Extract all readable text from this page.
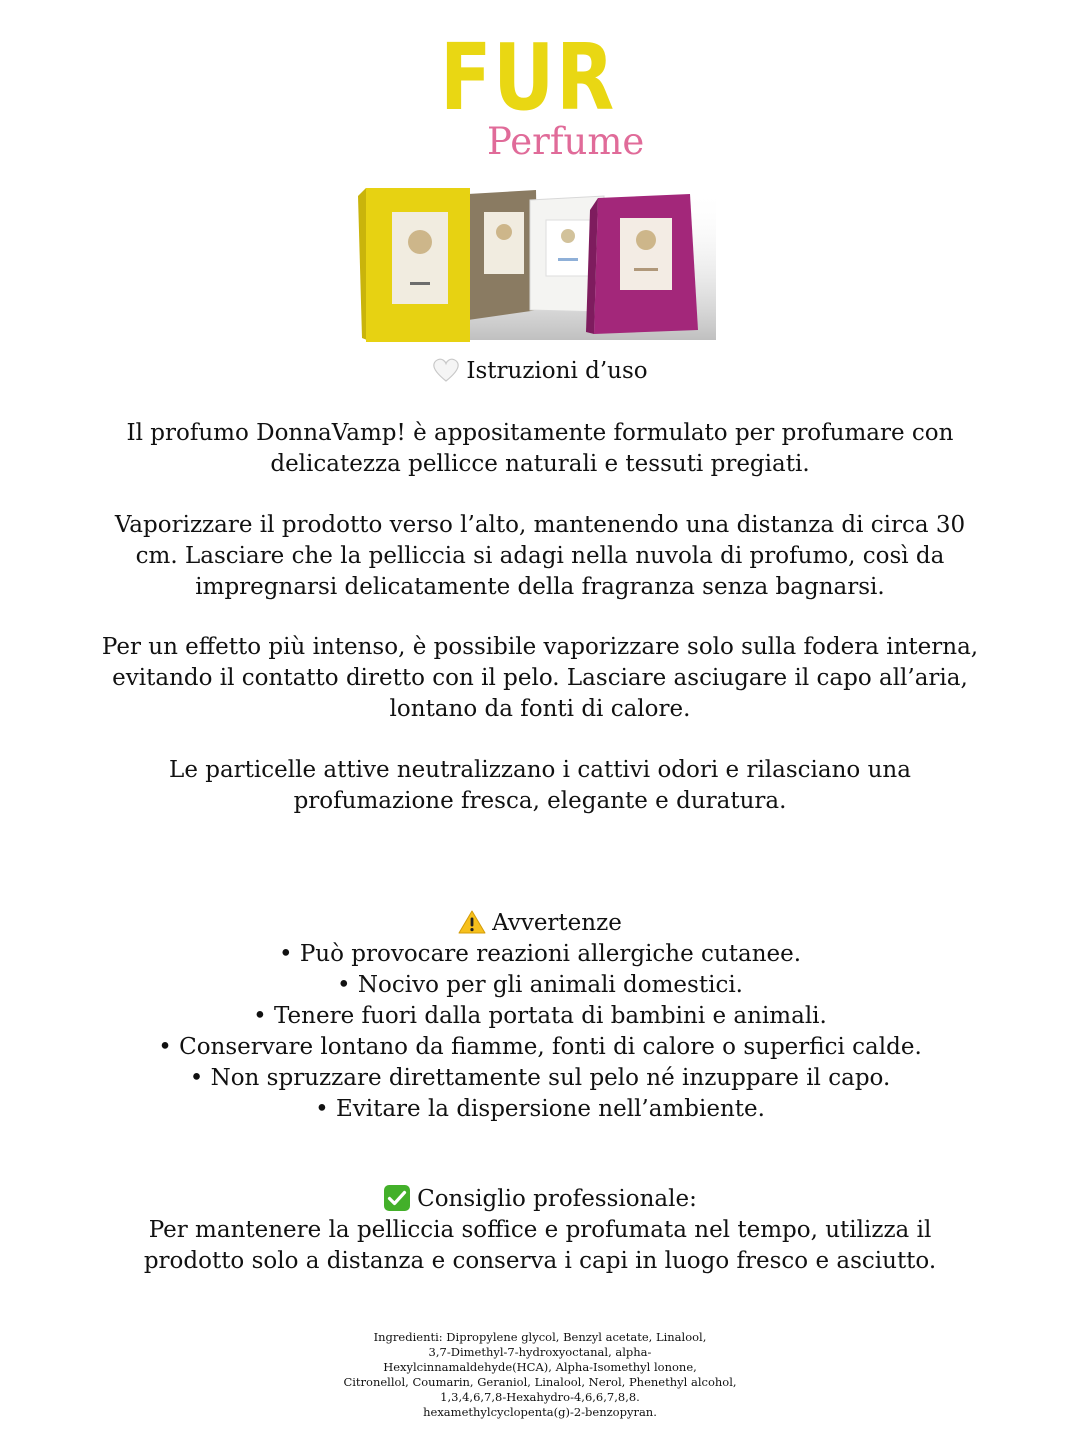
FUR
Perfume
Istruzioni d’uso
Il profumo DonnaVamp! è appositamente formulato per profumare con
delicatezza pellicce naturali e tessuti pregiati.
Vaporizzare il prodotto verso l’alto, mantenendo una distanza di circa 30
cm. Lasciare che la pelliccia si adagi nella nuvola di profumo, così da
impregnarsi delicatamente della fragranza senza bagnarsi.
Per un effetto più intenso, è possibile vaporizzare solo sulla fodera interna,
evitando il contatto diretto con il pelo. Lasciare asciugare il capo all’aria,
lontano da fonti di calore.
Le particelle attive neutralizzano i cattivi odori e rilasciano una
profumazione fresca, elegante e duratura.
Avvertenze
• Può provocare reazioni allergiche cutanee.
• Nocivo per gli animali domestici.
• Tenere fuori dalla portata di bambini e animali.
• Conservare lontano da fiamme, fonti di calore o superfici calde.
• Non spruzzare direttamente sul pelo né inzuppare il capo.
• Evitare la dispersione nell’ambiente.
Consiglio professionale:
Per mantenere la pelliccia soffice e profumata nel tempo, utilizza il
prodotto solo a distanza e conserva i capi in luogo fresco e asciutto.
Ingredienti: Dipropylene glycol, Benzyl acetate, Linalool,
3,7-Dimethyl-7-hydroxyoctanal, alpha-
Hexylcinnamaldehyde(HCA), Alpha-Isomethyl lonone,
Citronellol, Coumarin, Geraniol, Linalool, Nerol, Phenethyl alcohol,
1,3,4,6,7,8-Hexahydro-4,6,6,7,8,8.
hexamethylcyclopenta(g)-2-benzopyran.
